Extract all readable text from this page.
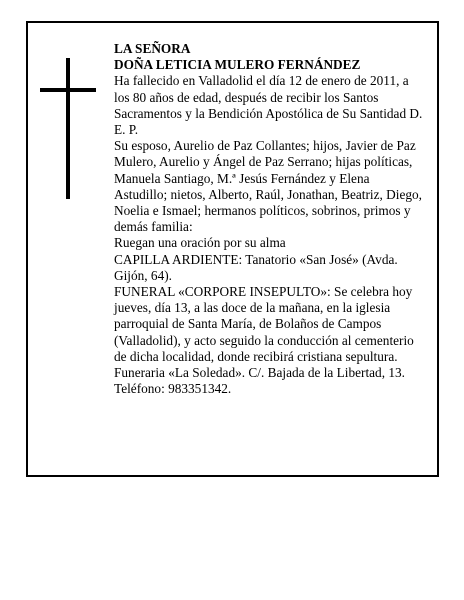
LA SEÑORA

DOÑA LETICIA MULERO FERNÁNDEZ

Ha fallecido en Valladolid el día 12 de enero de 2011, a los 80 años de edad, después de recibir los Santos Sacramentos y la Bendición Apostólica de Su Santidad D. E. P.

Su esposo, Aurelio de Paz Collantes; hijos, Javier de Paz Mulero, Aurelio y Ángel de Paz Serrano; hijas políticas, Manuela Santiago, M.ª Jesús Fernández y Elena Astudillo; nietos, Alberto, Raúl, Jonathan, Beatriz, Diego, Noelia e Ismael; hermanos políticos, sobrinos, primos y demás familia:

Ruegan una oración por su alma

CAPILLA ARDIENTE: Tanatorio «San José» (Avda. Gijón, 64).

FUNERAL «CORPORE INSEPULTO»: Se celebra hoy jueves, día 13, a las doce de la mañana, en la iglesia parroquial de Santa María, de Bolaños de Campos (Valladolid), y acto seguido la conducción al cementerio de dicha localidad, donde recibirá cristiana sepultura.

Funeraria «La Soledad». C/. Bajada de la Libertad, 13. Teléfono: 983351342.
